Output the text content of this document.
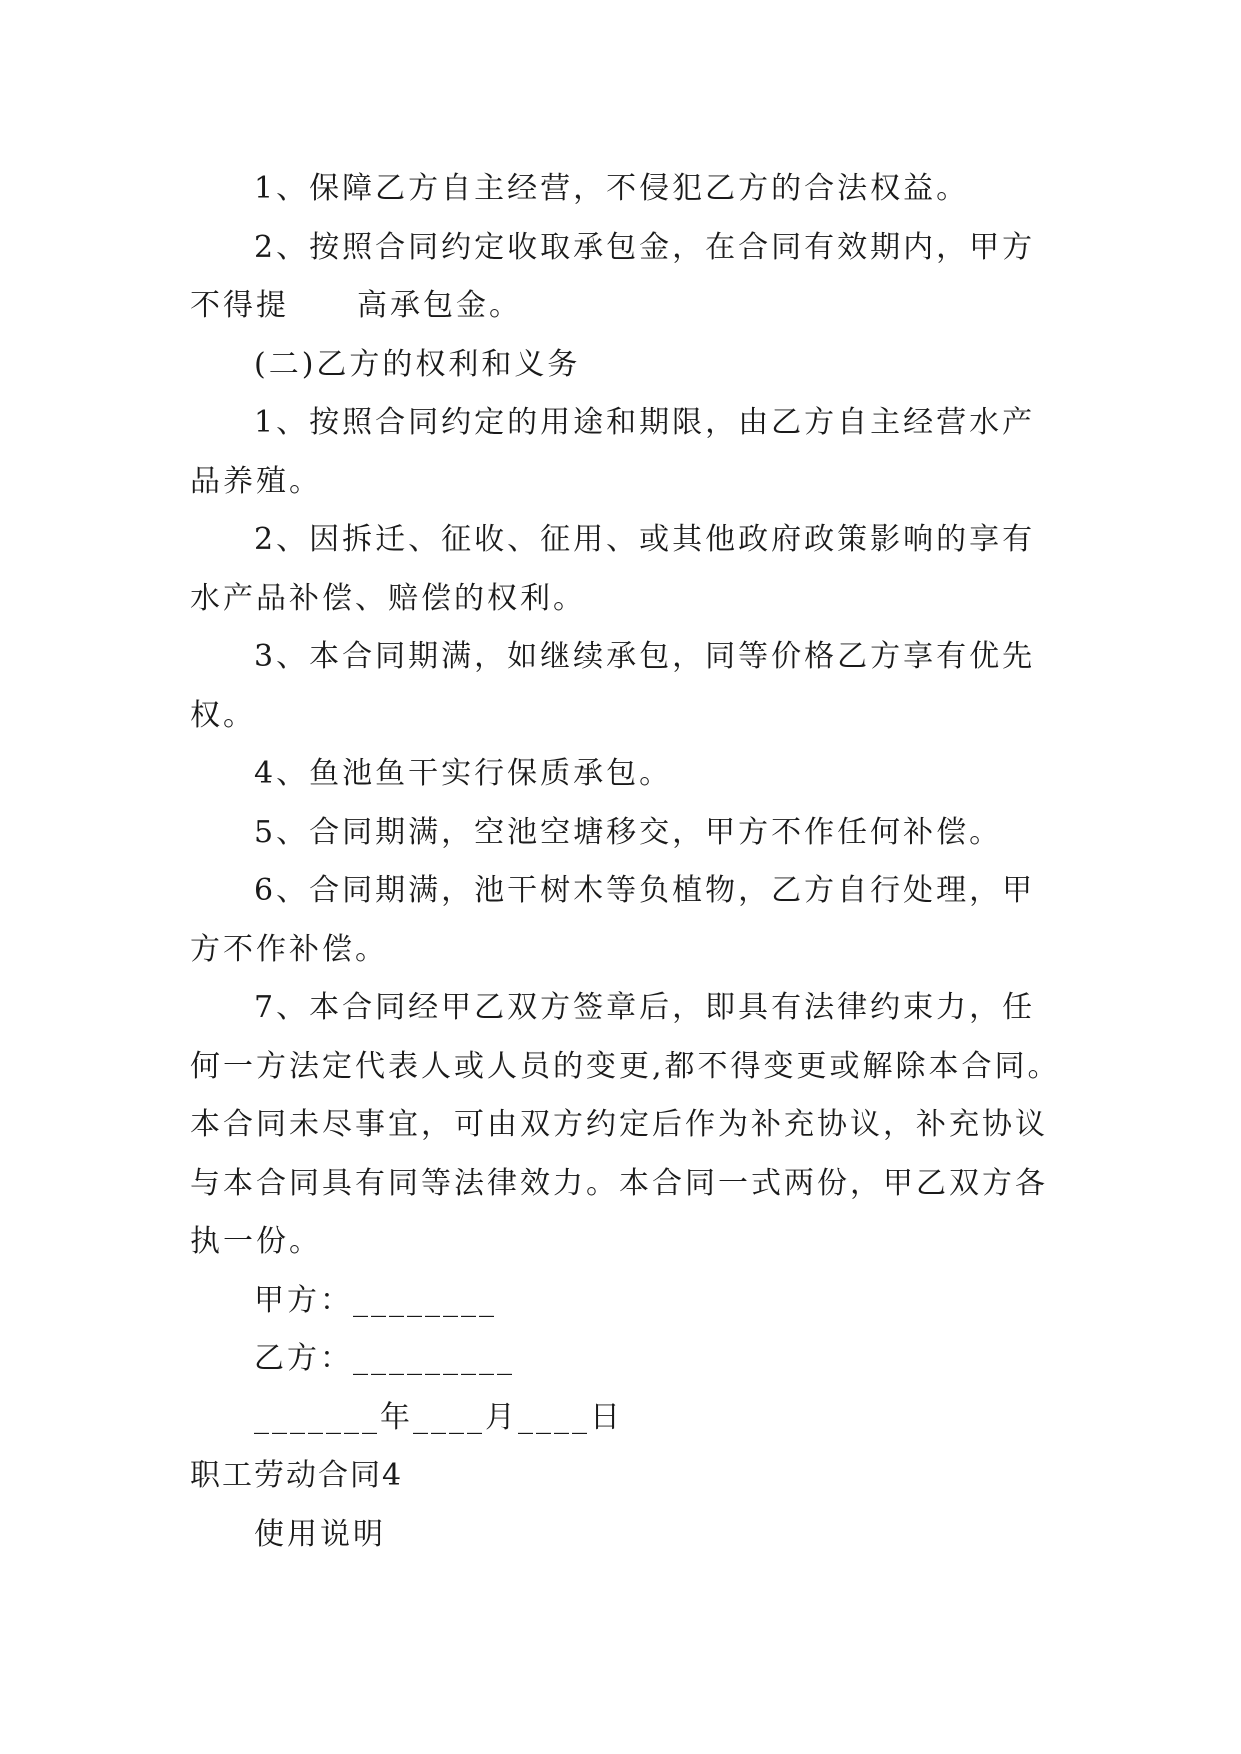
1、保障乙方自主经营，不侵犯乙方的合法权益。

2、按照合同约定收取承包金，在合同有效期内，甲方

不得提 高承包金。

(二)乙方的权利和义务

1、按照合同约定的用途和期限，由乙方自主经营水产

品养殖。

2、因拆迁、征收、征用、或其他政府政策影响的享有

水产品补偿、赔偿的权利。

3、本合同期满，如继续承包，同等价格乙方享有优先

权。

4、鱼池鱼干实行保质承包。

5、合同期满，空池空塘移交，甲方不作任何补偿。

6、合同期满，池干树木等负植物，乙方自行处理，甲

方不作补偿。

7、本合同经甲乙双方签章后，即具有法律约束力，任

何一方法定代表人或人员的变更,都不得变更或解除本合同。

本合同未尽事宜，可由双方约定后作为补充协议，补充协议

与本合同具有同等法律效力。本合同一式两份，甲乙双方各

执一份。

甲方：________

乙方：_________

_______年____月____日

职工劳动合同4

使用说明
